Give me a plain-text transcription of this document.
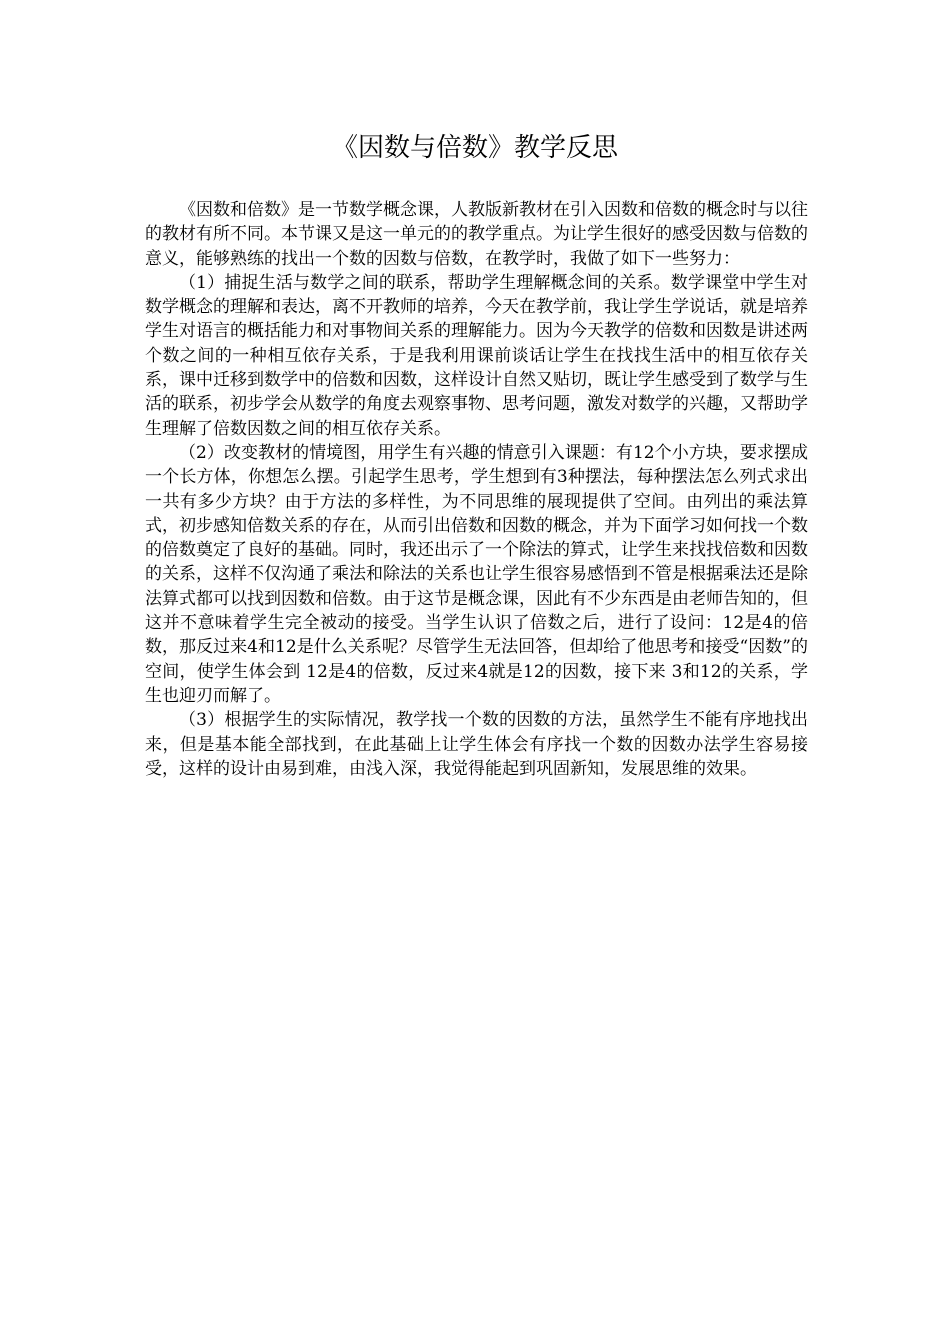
《因数与倍数》教学反思

《因数和倍数》是一节数学概念课，人教版新教材在引入因数和倍数的概念时与以往的教材有所不同。本节课又是这一单元的的教学重点。为让学生很好的感受因数与倍数的意义，能够熟练的找出一个数的因数与倍数，在教学时，我做了如下一些努力：

（1）捕捉生活与数学之间的联系，帮助学生理解概念间的关系。数学课堂中学生对数学概念的理解和表达，离不开教师的培养，今天在教学前，我让学生学说话，就是培养学生对语言的概括能力和对事物间关系的理解能力。因为今天教学的倍数和因数是讲述两个数之间的一种相互依存关系，于是我利用课前谈话让学生在找找生活中的相互依存关系，课中迁移到数学中的倍数和因数，这样设计自然又贴切，既让学生感受到了数学与生活的联系，初步学会从数学的角度去观察事物、思考问题，激发对数学的兴趣，又帮助学生理解了倍数因数之间的相互依存关系。

（2）改变教材的情境图，用学生有兴趣的情意引入课题：有12个小方块，要求摆成一个长方体，你想怎么摆。引起学生思考，学生想到有3种摆法，每种摆法怎么列式求出一共有多少方块？由于方法的多样性，为不同思维的展现提供了空间。由列出的乘法算式，初步感知倍数关系的存在，从而引出倍数和因数的概念，并为下面学习如何找一个数的倍数奠定了良好的基础。同时，我还出示了一个除法的算式，让学生来找找倍数和因数的关系，这样不仅沟通了乘法和除法的关系也让学生很容易感悟到不管是根据乘法还是除法算式都可以找到因数和倍数。由于这节是概念课，因此有不少东西是由老师告知的，但这并不意味着学生完全被动的接受。当学生认识了倍数之后，进行了设问：12是4的倍数，那反过来4和12是什么关系呢？尽管学生无法回答，但却给了他思考和接受“因数”的空间，使学生体会到 12是4的倍数，反过来4就是12的因数，接下来 3和12的关系，学生也迎刃而解了。

（3）根据学生的实际情况，教学找一个数的因数的方法，虽然学生不能有序地找出来，但是基本能全部找到，在此基础上让学生体会有序找一个数的因数办法学生容易接受，这样的设计由易到难，由浅入深，我觉得能起到巩固新知，发展思维的效果。
